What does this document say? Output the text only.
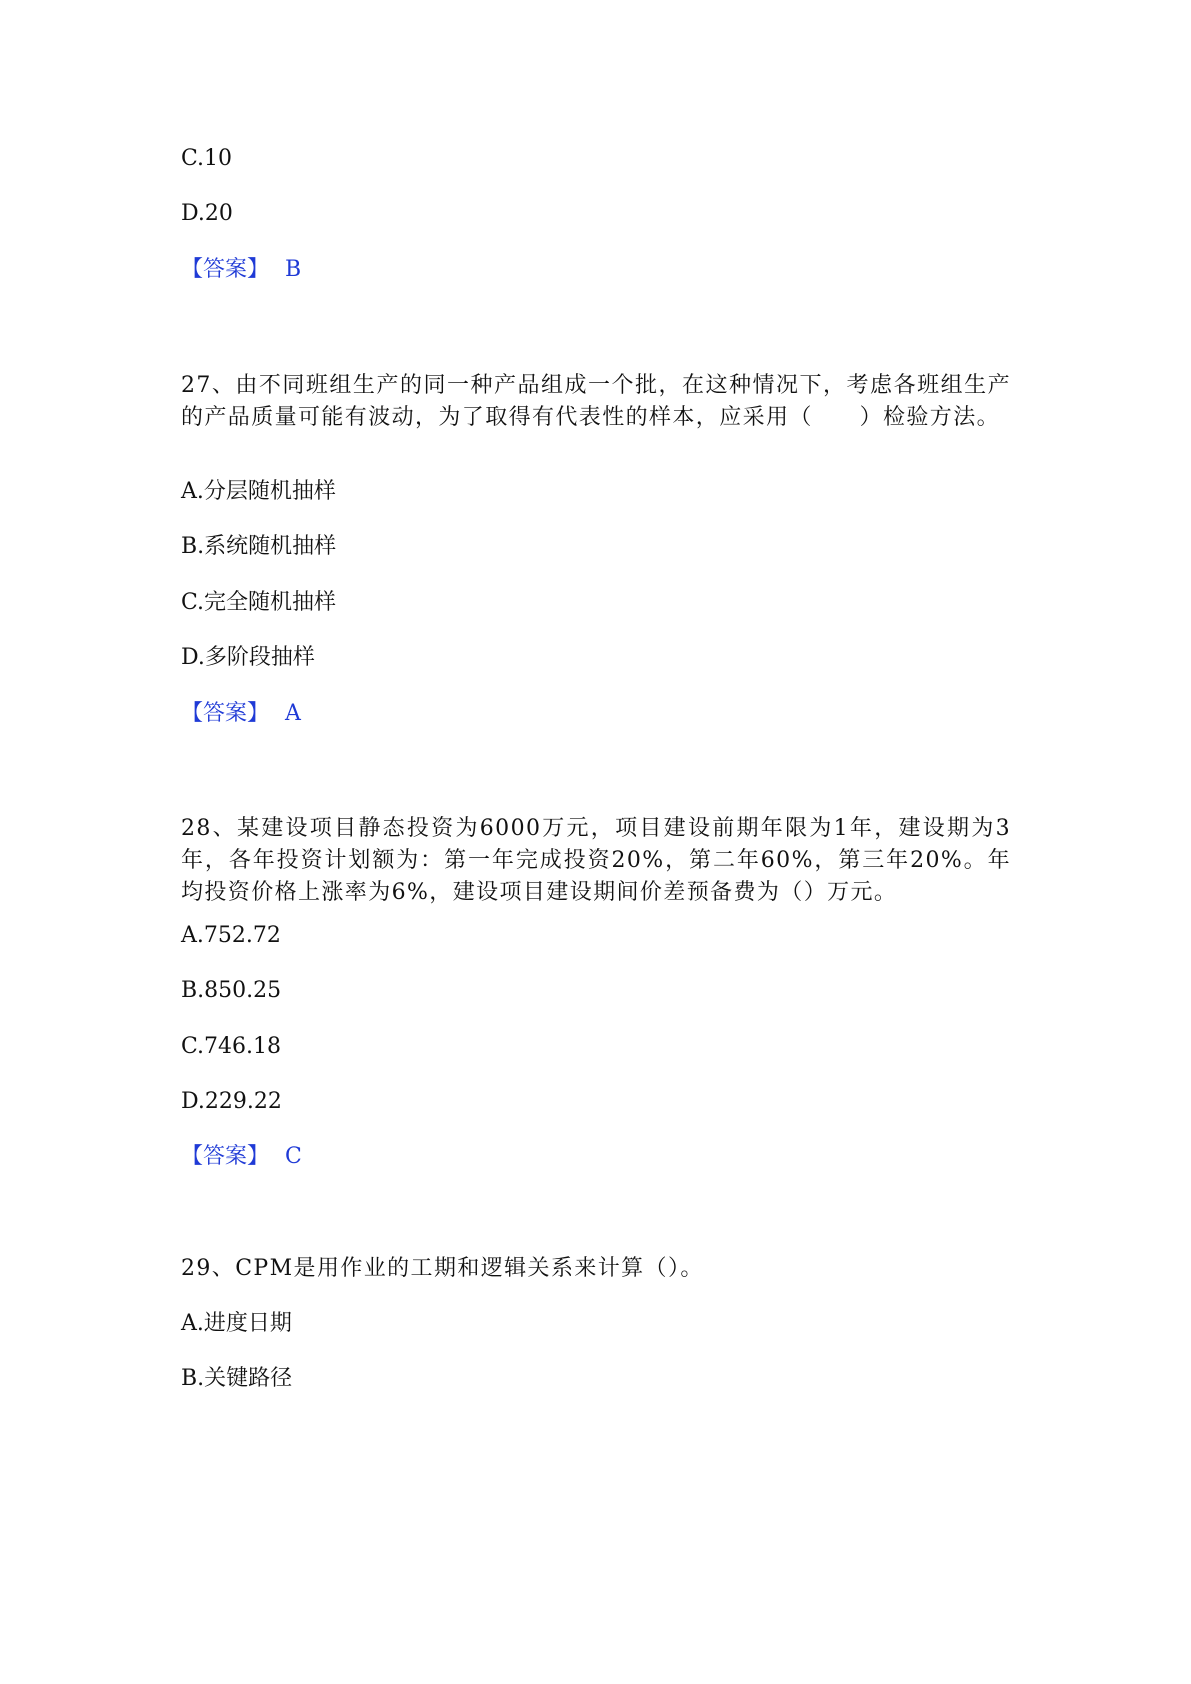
C.10

D.20

【答案】 B

27、由不同班组生产的同一种产品组成一个批，在这种情况下，考虑各班组生产的产品质量可能有波动，为了取得有代表性的样本，应采用（　　）检验方法。

A.分层随机抽样

B.系统随机抽样

C.完全随机抽样

D.多阶段抽样

【答案】 A

28、某建设项目静态投资为6000万元，项目建设前期年限为1年，建设期为3年，各年投资计划额为：第一年完成投资20%，第二年60%，第三年20%。年均投资价格上涨率为6%，建设项目建设期间价差预备费为（）万元。

A.752.72

B.850.25

C.746.18

D.229.22

【答案】 C

29、CPM是用作业的工期和逻辑关系来计算（）。

A.进度日期

B.关键路径
